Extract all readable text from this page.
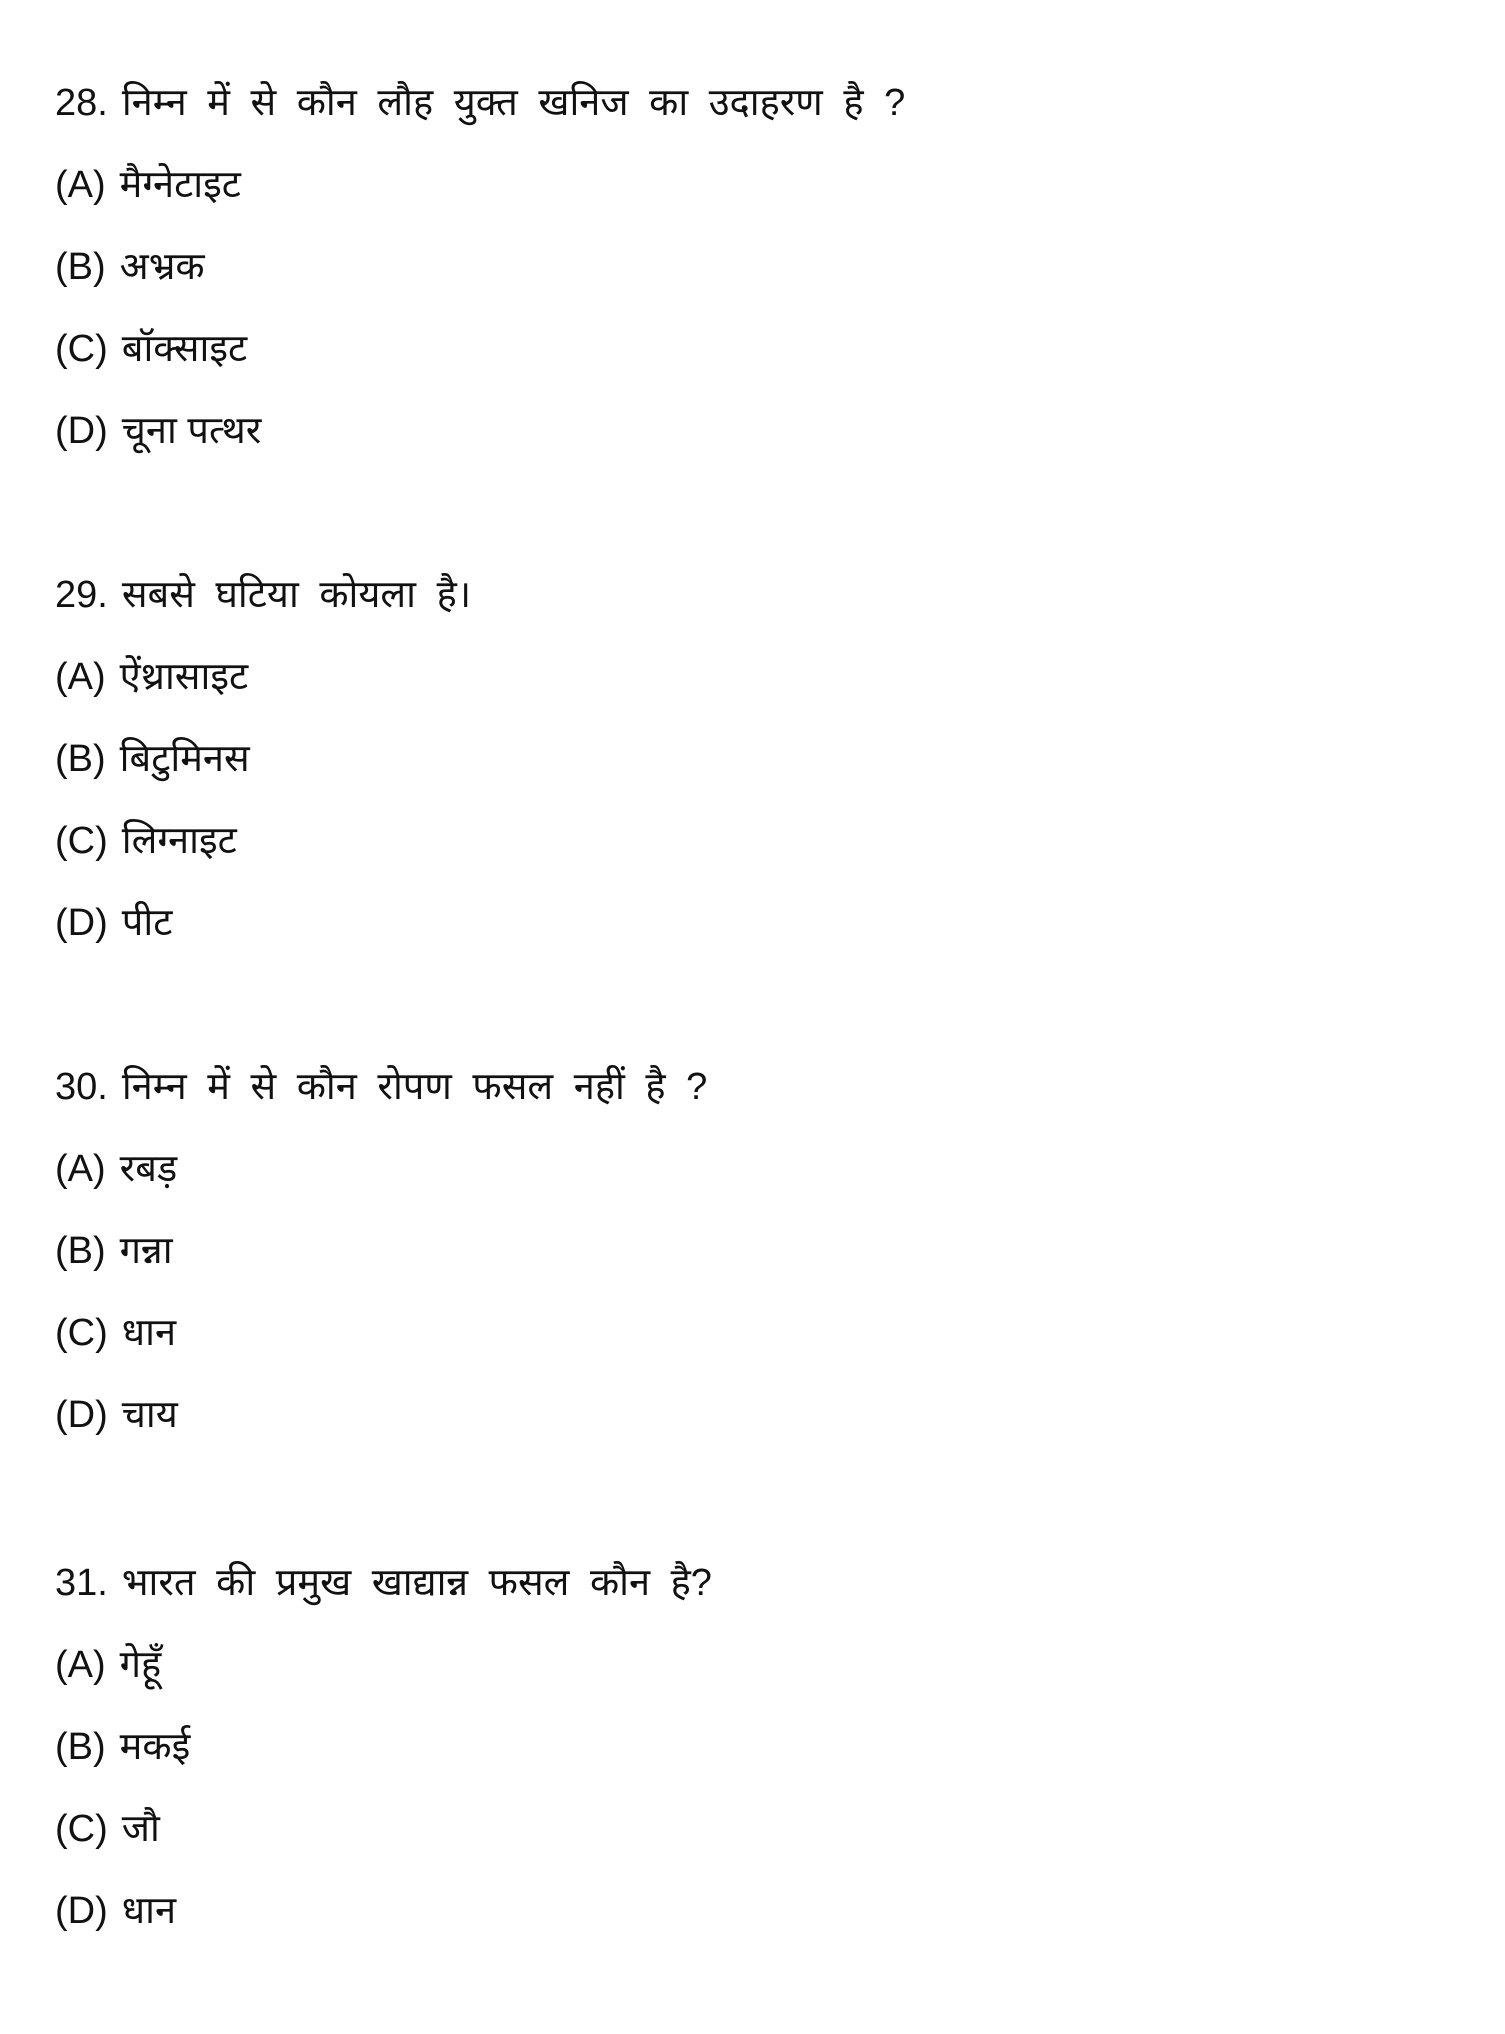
28. निम्न में से कौन लौह युक्त खनिज का उदाहरण है ?
(A) मैग्नेटाइट
(B) अभ्रक
(C) बॉक्साइट
(D) चूना पत्थर
29. सबसे घटिया कोयला है।
(A) ऐंथ्रासाइट
(B) बिटुमिनस
(C) लिग्नाइट
(D) पीट
30. निम्न में से कौन रोपण फसल नहीं है ?
(A) रबड़
(B) गन्ना
(C) धान
(D) चाय
31. भारत की प्रमुख खाद्यान्न फसल कौन है?
(A) गेहूँ
(B) मकई
(C) जौ
(D) धान
